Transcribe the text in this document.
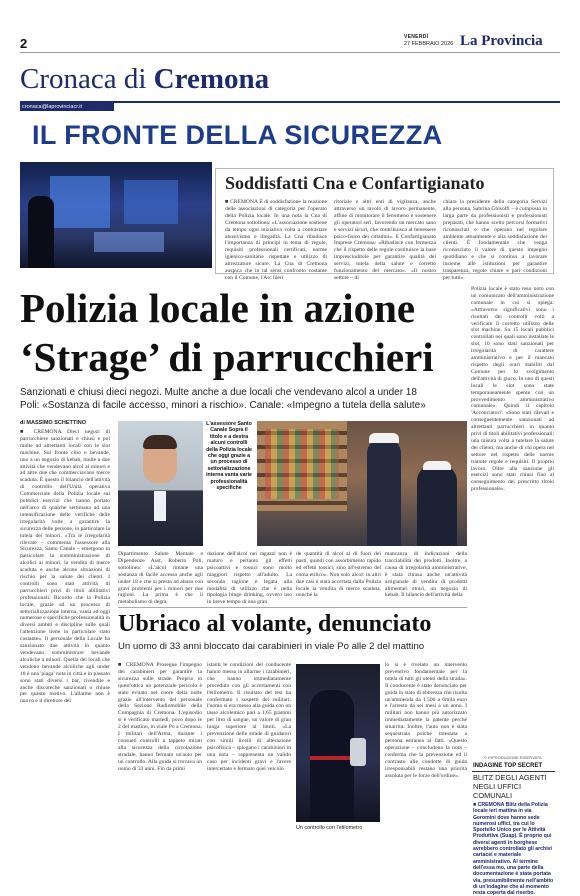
2	VENERDÌ
27 FEBBRAIO 2026 La Provincia
Cronaca di Cremona
cronaca@laprovinciacr.it
IL FRONTE DELLA SICUREZZA
Soddisfatti Cna e Confartigianato
■ CREMONA È di soddisfazione la reazione delle associazioni di categoria per l'operato della Polizia locale. In una nota la Cna di Cremona sottolinea: «L'associazione sostiene da tempo ogni iniziativa volta a contrastare abusivismo e illegalità. La Cna ribadisce l'importanza di principi in tema di regole, requisiti professionali certificati, norme igienico-sanitarie rispettate e utilizzo di attrezzature sicure. La Cna di Cremona auspica che in tal sensi confronto costante con il Comune, l'Arc hieri
ritoriale e altri enti di vigilanza, anche attraverso un tavolo di lavoro permanente, affine di monitorare il fenomeno e sostenere gli operatori seri, favorendo un mercato sano e servizi sicuri, che contribuisca al benessere psico-fisico dei cittadini». E Confartigianato Imprese Cremona: «Ribadisce con fermezza che il rispetto delle regole costituisce la base imprescindibile per garantire qualità dei servizi, tutela della salute e corretto funzionamento del mercato». «Il nostro settore – di
chiara la presidente della categoria Servizi alla persona, Sabrina Ghisolfi – è composto in larga parte da professionisti e professionisti preparati, che hanno scelto percorsi formativi riconosciuti e che operano nel regolare ambiente attualmente e alla soddisfazione dei clienti. È fondamentale che venga riconosciuto il valore di questo impegno quotidiano e che si continui a lavorare insieme alle istituzioni per garantire trasparenza, regole chiare e pari condizioni per tutti».
Polizia locale in azione
‘Strage’ di parrucchieri
Sanzionati e chiusi dieci negozi. Multe anche a due locali che vendevano alcol a under 18
Poli: «Sostanza di facile accesso, minori a rischio». Canale: «Impegno a tutela della salute»
Polizia locale è stato reso noto con un comunicato dell'amministrazione comunale in cui si spiega: «Attraverso significativi sono i risultati dei controlli volti a verificare il corretto utilizzo delle slot machine. Su 15 locali pubblici controllati nei quali sono installate le slot, 10 sono stati sanzionati per irregolarità di carattere amministrativo e per il mancato rispetto degli orari stabiliti dal Comune per lo svolgimento dell'attività di gioco. In uno di questi locali le slot sono state temporaneamente spente con un provvedimento amministrativo comunale». Quindi il capitolo 'Acconciatori': «Sono stati rilevati e conseguentemente sanzionati ad altrettanti parrucchieri in quanto privi di titoli abilitativi professionali: una misura volta a tutelare la salute dei clienti, ma anche di chi opera nel settore nel rispetto delle norme tramite regole e requisiti. Il proprio lavoro. Oltre alla sanzione gli esercizi sono stati chiusi fino al conseguimento dei prescritto titolo professionale».
© RIPRODUZIONE RISERVATA
di MASSIMO SCHETTINO
■ CREMONA Dieci negozi di parrucchiere sanzionati e chiusi e poi multe ad altrettanti locali con le slot machine. Sul fronte cibo e bevande, uno a un negozio di kebab, multe a due attività che vendevano alcol ai minori e ad altre due che commerciavano merce scaduta. È questo il bilancio dell'attività di controllo dell'Unità operativa Commerciale della Polizia locale sui pubblici esercizi che hanno portato nell'arco di qualche settimana ad una intensificazione delle verifiche delle irregolarità volte a garantire la sicurezza delle persone, in particolare la tutela dei minori. «Tra le irregolarità rilevate – commenta l'assessore alla Sicurezza, Santo Canale – emergono in particolare la somministrazione di alcolici ai minori, la vendita di merce scaduta e anche alcune situazioni di rischio per la salute dei clienti. I controlli sono stati attività di parrucchieri privi di titoli abilitativi professionali. Ricordo che la Polizia locale, grazie ad un processo di settorializzazione interna, vanta ad oggi numerose e specifiche professionalità in diversi ambiti e discipline sulle quali l'attenzione tiene in particolare stato costante». Il personale della Locale ha sanzionato due attività in quanto vendevano somministrare bevande alcoliche a minori. Quella dei locali che vendono bevande alcoliche agli under 18 è una 'piaga' nota in città e in passato sono stati diversi i bar, rivendite e anche discoteche sanzionati o chiuse per questo motivo. L'allarme non è nuovo e il direttore del
L'assessore Santo Canale Sopra il titolo e a destra alcuni controlli della Polizia locale che oggi grazie a un processo di settorializzazione interna vanta varie professionalità specifiche
Dipartimento Salute Mentale e Dipendenze Asst, Roberto Poli, sottolinea: «L'alcol rimane una sostanza di facile accesso anche agli under 18 e che si presta ad abuso con gravi problemi per i minori per due ragioni. La prima è che il metabolismo di degra
dazione dell'alcol nei ragazzi non è maturo e pertanto gli effetti psicoattivi e tossici sono molto maggiori rispetto all'adulto. La seconda ragione è legata alla modalità di utilizzo che è nella tipologia binge drinking, ovvero uso in breve tempo di una gran
de quantità di alcol al di fuori dei pasti, quindi con assorbimento rapido ed effetti tossici, sino all'estremo del coma etilico». Non solo alcol: in altri due casi è stata accertata dalla Polizia locale la vendita di merce scaduta, nonché la
mancanza di indicazioni della tracciabilità dei prodotti. Inoltre, a causa di irregolarità amministrative, è stata chiusa anche un'attività artigianale di vendita di prodotti alimentari etnici, un negozio di kebab. Il bilancio dell'attività della
Ubriaco al volante, denunciato
Un uomo di 33 anni bloccato dai carabinieri in viale Po alle 2 del mattino
■ CREMONA Prosegue l'impegno dei carabinieri per garantire la sicurezza sulle strade. Proprio in quest'ottica un potenziale pericolo è stato evitato nel cuore della notte grazie all'intervento del personale della Sezione Radiomobile della Compagnia di Cremona. L'episodio si è verificato martedì, poco dopo le 2 del mattino, in viale Po a Cremona. I militari dell'Arma, durante i consueti controlli a tappeto mirati alla sicurezza della circolazione stradale, hanno fermato un'auto per un controllo. Alla guida si trovava un uomo di 33 anni. Fin da primi
istanti le condizioni del conducente hanno messo in allarme i carabinieri, che hanno immediatamente proceduto con gli accertamenti con l'etilometro. Il risultato del test ha confermato i sospetti dei militari: l'uomo si era messo alla guida con un tasso alcolemico pari a 1,65 grammi per litro di sangue, un valore di gran lunga superiore ai limiti. «La prevenzione delle strade di guidatori con simili livelli di alterazione psicofisica – spiegano i carabinieri in una nota – rappresenta un valido caso per incidenti gravi e l'avere intercettato e fermato quel veicolo
Un controllo con l'etilometro
lo si è rivelato un intervento preventivo fondamentale per la tutela di tutti gli utenti della strada». Il conducente è stato denunciato per guida in stato di ebbrezza che risulta un'ammenda da 1.500 a 6mila euro e l'arresto da sei mesi a un anno. I militari non hanno più autorizzato immediatamente la patente perché smarrita. Inoltre, l'auto non è stata sequestrata poiché intestata a persona estranea ai fatti. «Questo operazione – concludono la nota – conferma che la prevenzione ed il contrasto alle condotte di guida irresponsabili restano una priorità assoluta per le forze dell'ordine».
INDAGINE TOP SECRET
BLITZ DEGLI AGENTI NEGLI UFFICI COMUNALI
■ CREMONA Blitz della Polizia locale ieri mattina in via Geromini dove hanno sede numerosi uffici, tra cui lo Sportello Unico per le Attività Produttive (Suap). È proprio qui diversi agenti in borghese avrebbero controllato gli archivi cartacei e materiale amministrativo. Al termine dell'essa mo, una parte della documentazione è stata portata via, presumibilmente nell'ambito di un'indagine che al momento resta coperta dal riserbo.
